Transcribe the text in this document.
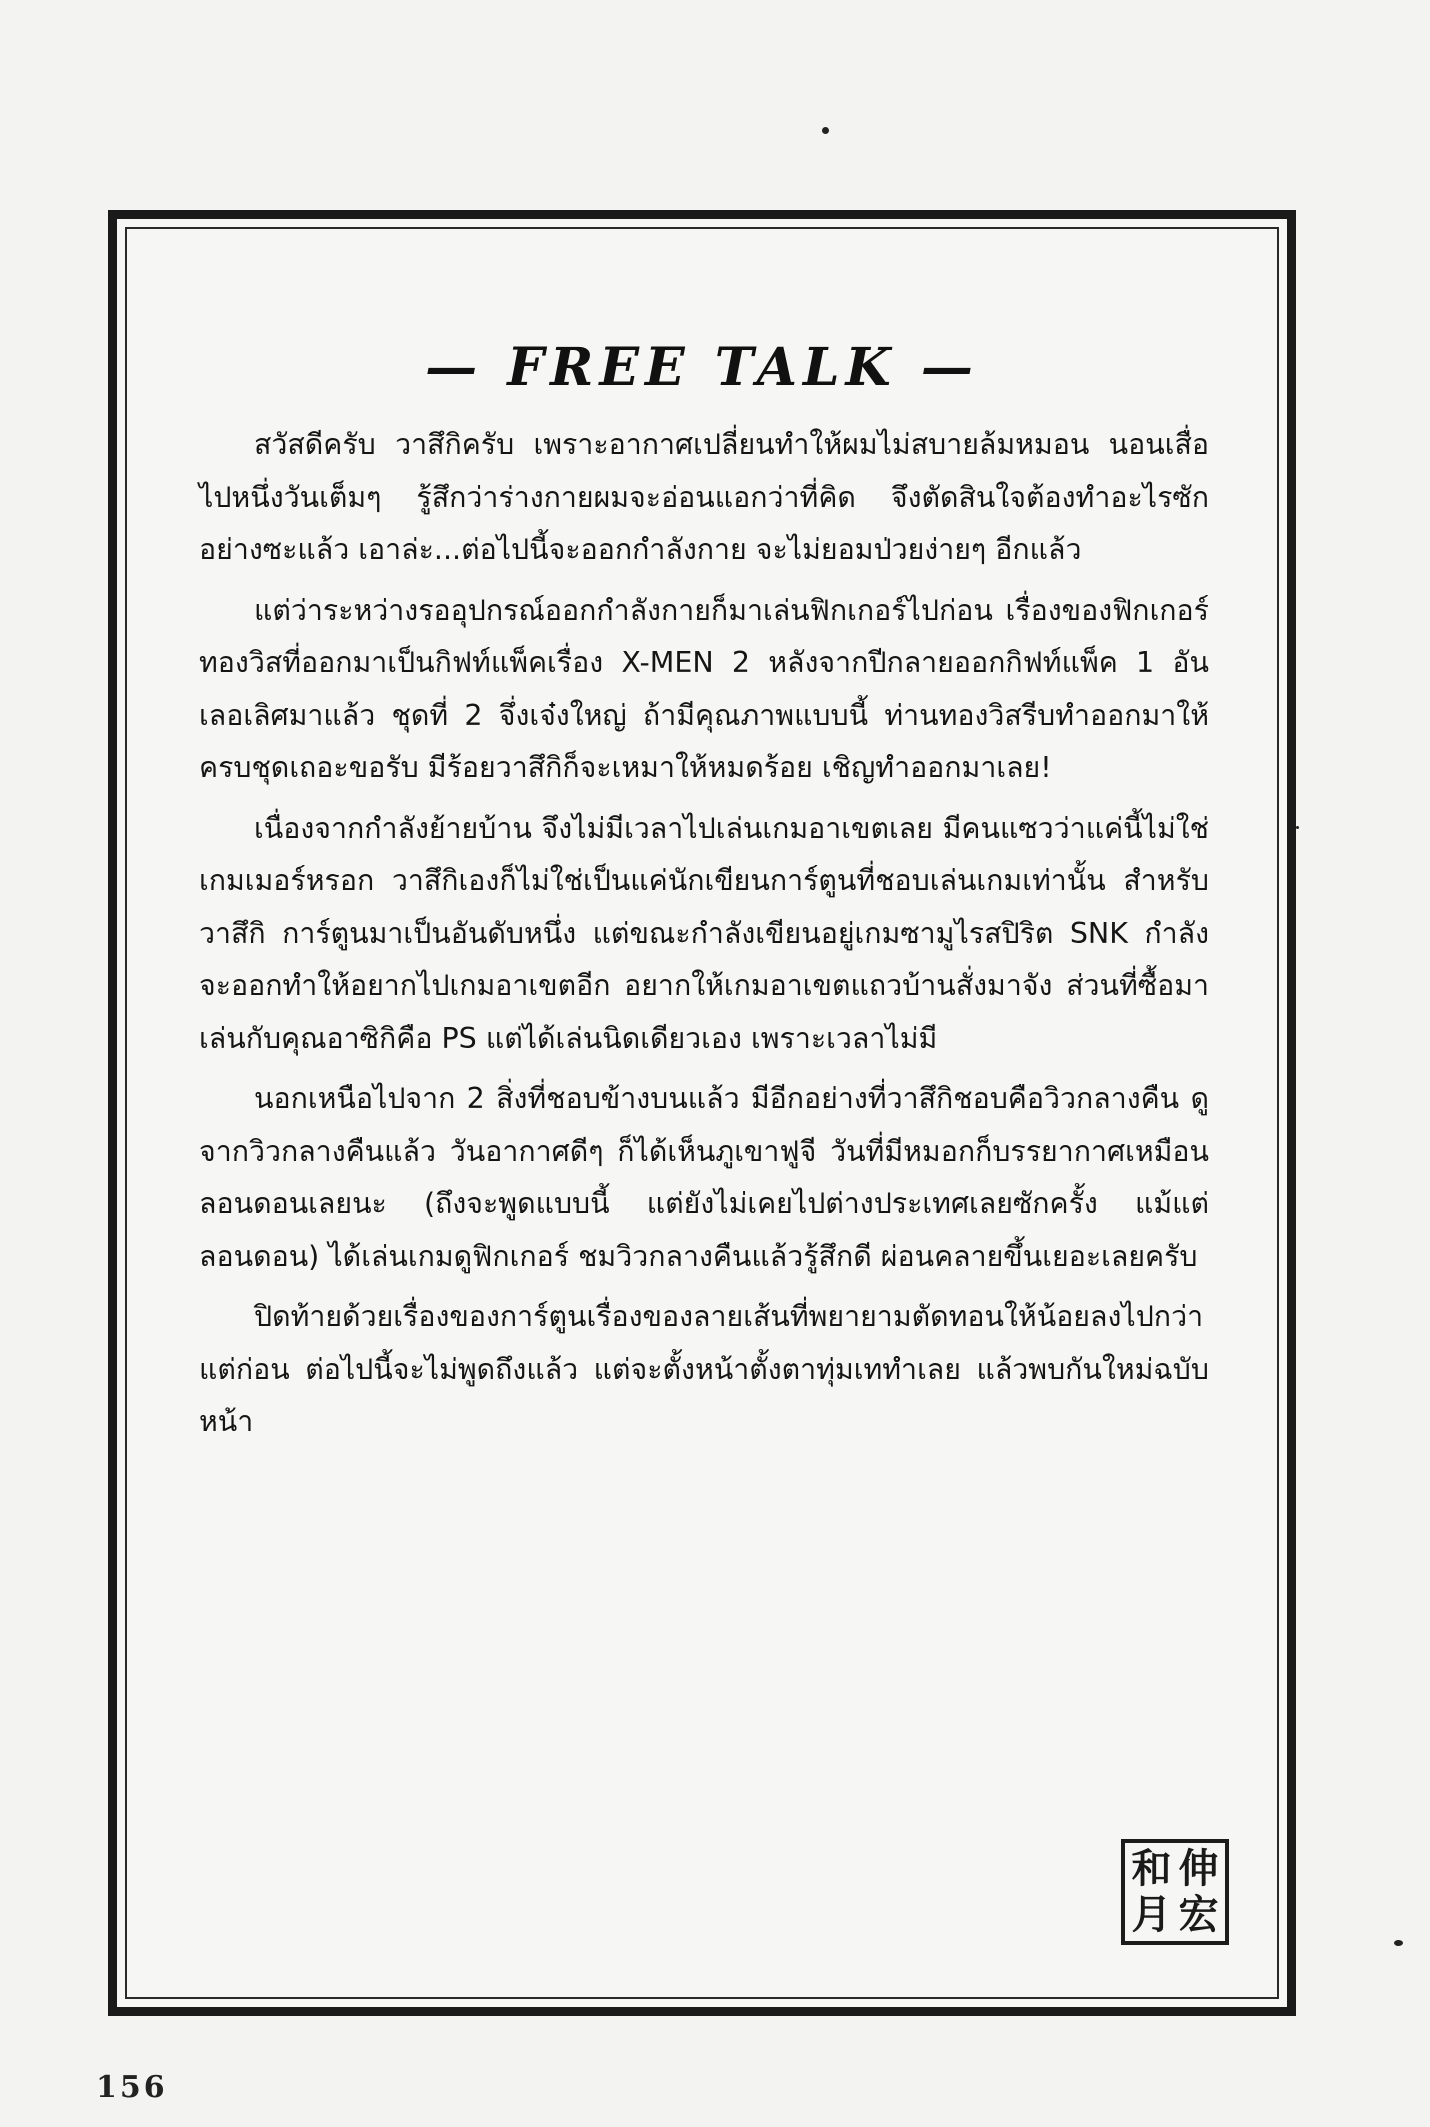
— FREE TALK —

สวัสดีครับ วาสึกิครับ เพราะอากาศเปลี่ยนทำให้ผมไม่สบายล้มหมอน นอนเสื่อไปหนึ่งวันเต็มๆ รู้สึกว่าร่างกายผมจะอ่อนแอกว่าที่คิด จึงตัดสินใจต้องทำอะไรซักอย่างซะแล้ว เอาล่ะ...ต่อไปนี้จะออกกำลังกาย จะไม่ยอมป่วยง่ายๆ อีกแล้ว

แต่ว่าระหว่างรออุปกรณ์ออกกำลังกายก็มาเล่นฟิกเกอร์ไปก่อน เรื่องของฟิกเกอร์ทองวิสที่ออกมาเป็นกิฟท์แพ็คเรื่อง X-MEN 2 หลังจากปีกลายออกกิฟท์แพ็ค 1 อัน เลอเลิศมาแล้ว ชุดที่ 2 จึ่งเจ๋งใหญ่ ถ้ามีคุณภาพแบบนี้ ท่านทองวิสรีบทำออกมาให้ครบชุดเถอะขอรับ มีร้อยวาสึกิก็จะเหมาให้หมดร้อย เชิญทำออกมาเลย!

เนื่องจากกำลังย้ายบ้าน จึงไม่มีเวลาไปเล่นเกมอาเขตเลย มีคนแซวว่าแค่นี้ไม่ใช่เกมเมอร์หรอก วาสึกิเองก็ไม่ใช่เป็นแค่นักเขียนการ์ตูนที่ชอบเล่นเกมเท่านั้น สำหรับวาสึกิ การ์ตูนมาเป็นอันดับหนึ่ง แต่ขณะกำลังเขียนอยู่เกมซามูไรสปิริต SNK กำลังจะออกทำให้อยากไปเกมอาเขตอีก อยากให้เกมอาเขตแถวบ้านสั่งมาจัง ส่วนที่ซื้อมาเล่นกับคุณอาซิกิคือ PS แต่ได้เล่นนิดเดียวเอง เพราะเวลาไม่มี

นอกเหนือไปจาก 2 สิ่งที่ชอบข้างบนแล้ว มีอีกอย่างที่วาสึกิชอบคือวิวกลางคืน ดูจากวิวกลางคืนแล้ว วันอากาศดีๆ ก็ได้เห็นภูเขาฟูจี วันที่มีหมอกก็บรรยากาศเหมือนลอนดอนเลยนะ (ถึงจะพูดแบบนี้ แต่ยังไม่เคยไปต่างประเทศเลยซักครั้ง แม้แต่ลอนดอน) ได้เล่นเกมดูฟิกเกอร์ ชมวิวกลางคืนแล้วรู้สึกดี ผ่อนคลายขึ้นเยอะเลยครับ

ปิดท้ายด้วยเรื่องของการ์ตูนเรื่องของลายเส้นที่พยายามตัดทอนให้น้อยลงไปกว่าแต่ก่อน ต่อไปนี้จะไม่พูดถึงแล้ว แต่จะตั้งหน้าตั้งตาทุ่มเททำเลย แล้วพบกันใหม่ฉบับหน้า

和 伸
月 宏
156
